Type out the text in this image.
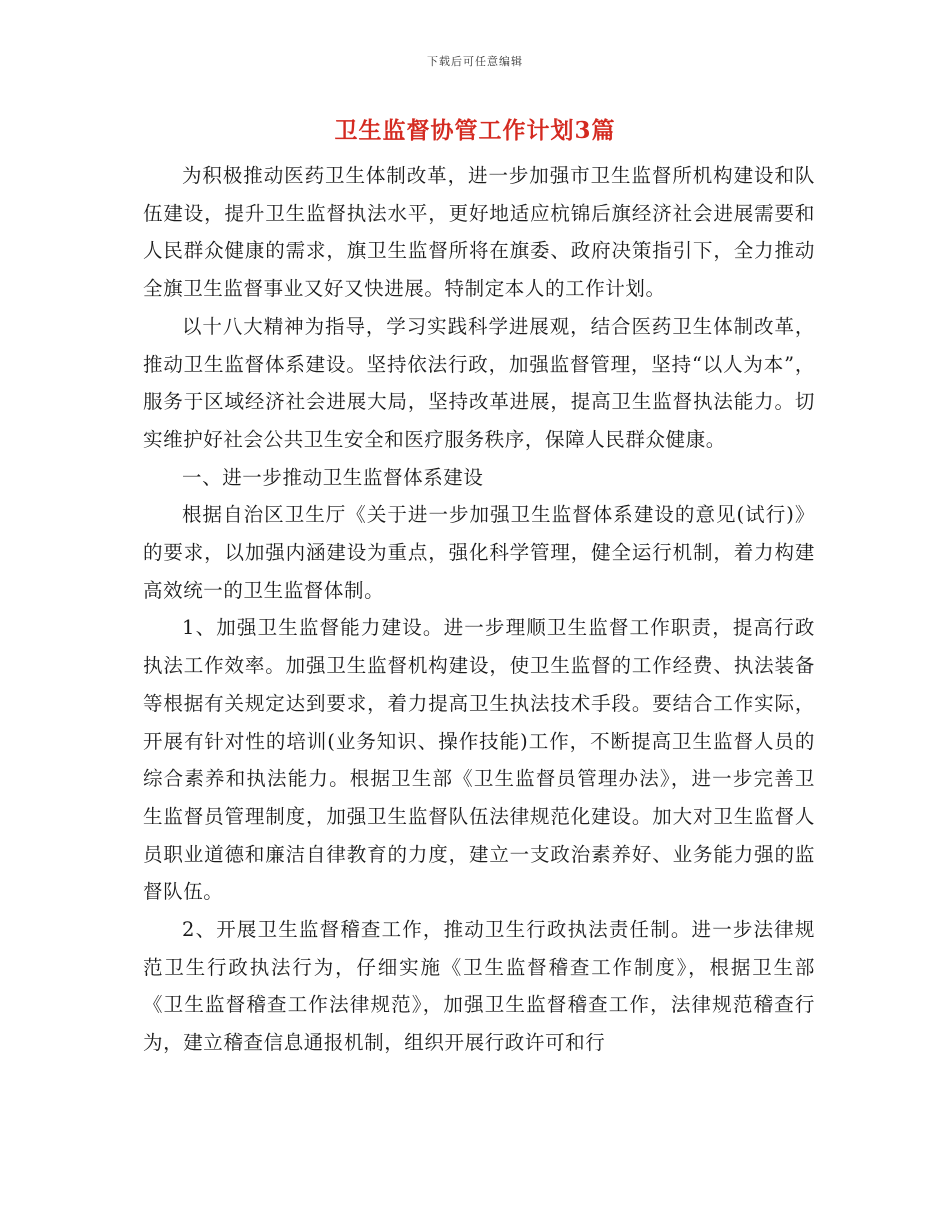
下载后可任意编辑
卫生监督协管工作计划3篇

为积极推动医药卫生体制改革，进一步加强市卫生监督所机构建设和队伍建设，提升卫生监督执法水平，更好地适应杭锦后旗经济社会进展需要和人民群众健康的需求，旗卫生监督所将在旗委、政府决策指引下，全力推动全旗卫生监督事业又好又快进展。特制定本人的工作计划。

以十八大精神为指导，学习实践科学进展观，结合医药卫生体制改革，推动卫生监督体系建设。坚持依法行政，加强监督管理，坚持“以人为本”，服务于区域经济社会进展大局，坚持改革进展，提高卫生监督执法能力。切实维护好社会公共卫生安全和医疗服务秩序，保障人民群众健康。

一、进一步推动卫生监督体系建设

根据自治区卫生厅《关于进一步加强卫生监督体系建设的意见(试行)》的要求，以加强内涵建设为重点，强化科学管理，健全运行机制，着力构建高效统一的卫生监督体制。

1、加强卫生监督能力建设。进一步理顺卫生监督工作职责，提高行政执法工作效率。加强卫生监督机构建设，使卫生监督的工作经费、执法装备等根据有关规定达到要求，着力提高卫生执法技术手段。要结合工作实际，开展有针对性的培训(业务知识、操作技能)工作，不断提高卫生监督人员的综合素养和执法能力。根据卫生部《卫生监督员管理办法》，进一步完善卫生监督员管理制度，加强卫生监督队伍法律规范化建设。加大对卫生监督人员职业道德和廉洁自律教育的力度，建立一支政治素养好、业务能力强的监督队伍。

2、开展卫生监督稽查工作，推动卫生行政执法责任制。进一步法律规范卫生行政执法行为，仔细实施《卫生监督稽查工作制度》，根据卫生部《卫生监督稽查工作法律规范》，加强卫生监督稽查工作，法律规范稽查行为，建立稽查信息通报机制，组织开展行政许可和行
